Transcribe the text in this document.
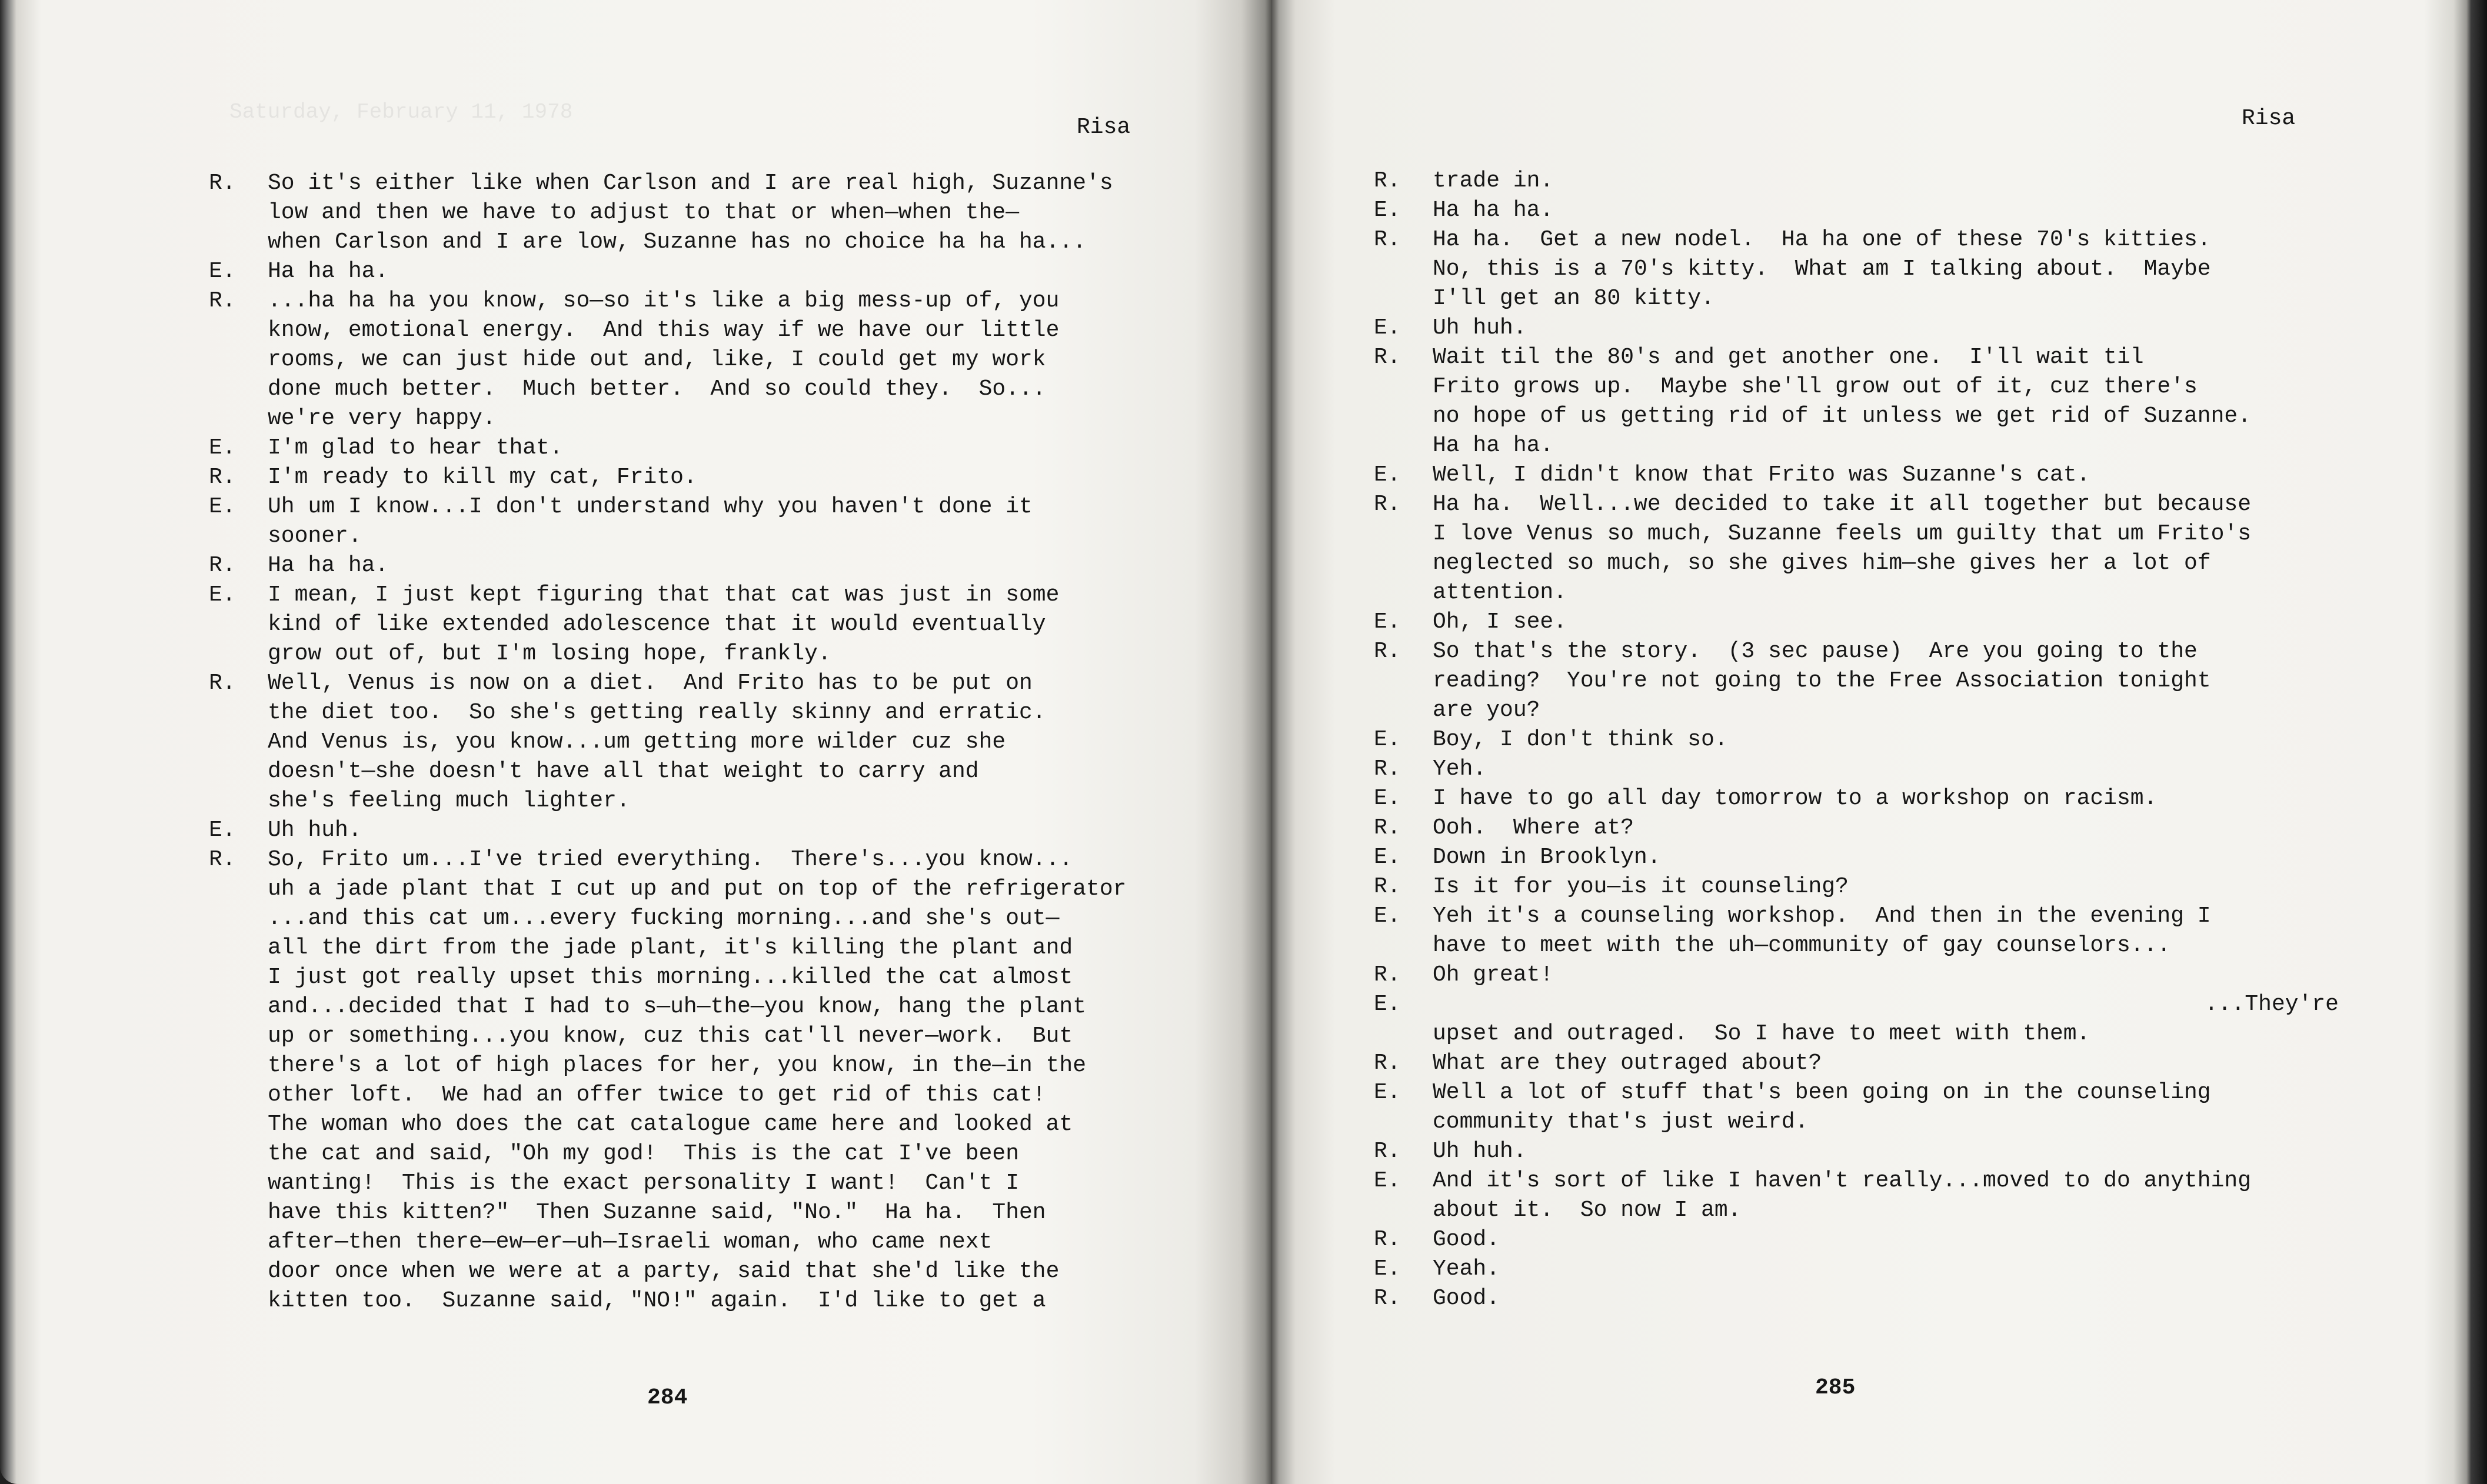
Saturday, February 11, 1978
Risa
R.	So it's either like when Carlson and I are real high, Suzanne's
low and then we have to adjust to that or when—when the—
when Carlson and I are low, Suzanne has no choice ha ha ha...
E.	Ha ha ha.
R.	...ha ha ha you know, so—so it's like a big mess-up of, you
know, emotional energy.  And this way if we have our little
rooms, we can just hide out and, like, I could get my work
done much better.  Much better.  And so could they.  So...
we're very happy.
E.	I'm glad to hear that.
R.	I'm ready to kill my cat, Frito.
E.	Uh um I know...I don't understand why you haven't done it
sooner.
R.	Ha ha ha.
E.	I mean, I just kept figuring that that cat was just in some
kind of like extended adolescence that it would eventually
grow out of, but I'm losing hope, frankly.
R.	Well, Venus is now on a diet.  And Frito has to be put on
the diet too.  So she's getting really skinny and erratic.
And Venus is, you know...um getting more wilder cuz she
doesn't—she doesn't have all that weight to carry and
she's feeling much lighter.
E.	Uh huh.
R.	So, Frito um...I've tried everything.  There's...you know...
uh a jade plant that I cut up and put on top of the refrigerator
...and this cat um...every fucking morning...and she's out—
all the dirt from the jade plant, it's killing the plant and
I just got really upset this morning...killed the cat almost
and...decided that I had to s—uh—the—you know, hang the plant
up or something...you know, cuz this cat'll never—work.  But
there's a lot of high places for her, you know, in the—in the
other loft.  We had an offer twice to get rid of this cat!
The woman who does the cat catalogue came here and looked at
the cat and said, "Oh my god!  This is the cat I've been
wanting!  This is the exact personality I want!  Can't I
have this kitten?"  Then Suzanne said, "No."  Ha ha.  Then
after—then there—ew—er—uh—Israeli woman, who came next
door once when we were at a party, said that she'd like the
kitten too.  Suzanne said, "NO!" again.  I'd like to get a
284
Risa
R.	trade in.
E.	Ha ha ha.
R.	Ha ha.  Get a new nodel.  Ha ha one of these 70's kitties.
No, this is a 70's kitty.  What am I talking about.  Maybe
I'll get an 80 kitty.
E.	Uh huh.
R.	Wait til the 80's and get another one.  I'll wait til
Frito grows up.  Maybe she'll grow out of it, cuz there's
no hope of us getting rid of it unless we get rid of Suzanne.
Ha ha ha.
E.	Well, I didn't know that Frito was Suzanne's cat.
R.	Ha ha.  Well...we decided to take it all together but because
I love Venus so much, Suzanne feels um guilty that um Frito's
neglected so much, so she gives him—she gives her a lot of
attention.
E.	Oh, I see.
R.	So that's the story.  (3 sec pause)  Are you going to the
reading?  You're not going to the Free Association tonight
are you?
E.	Boy, I don't think so.
R.	Yeh.
E.	I have to go all day tomorrow to a workshop on racism.
R.	Ooh.  Where at?
E.	Down in Brooklyn.
R.	Is it for you—is it counseling?
E.	Yeh it's a counseling workshop.  And then in the evening I
have to meet with the uh—community of gay counselors...
R.	Oh great!
E.	...They're
upset and outraged.  So I have to meet with them.
R.	What are they outraged about?
E.	Well a lot of stuff that's been going on in the counseling
community that's just weird.
R.	Uh huh.
E.	And it's sort of like I haven't really...moved to do anything
about it.  So now I am.
R.	Good.
E.	Yeah.
R.	Good.
285
